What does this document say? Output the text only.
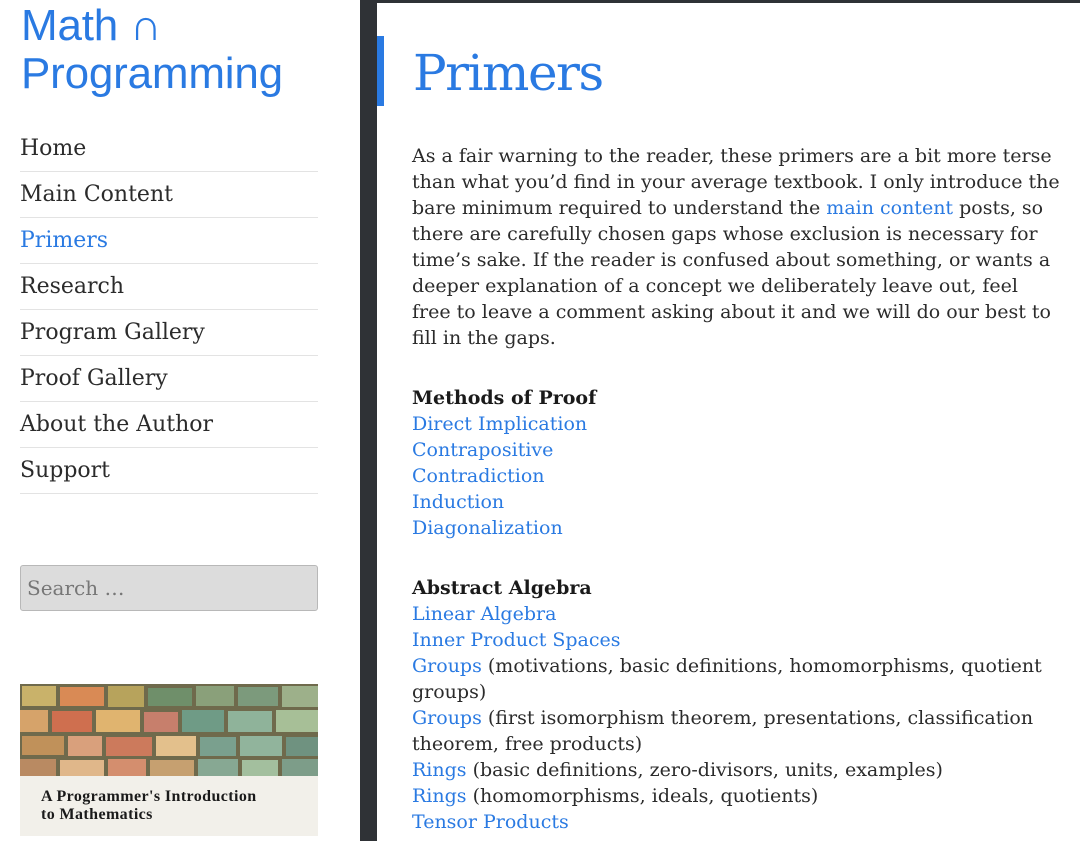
Math ∩
Programming
Home
Main Content
Primers
Research
Program Gallery
Proof Gallery
About the Author
Support
Search …
A Programmer's Introduction
to Mathematics
Primers

As a fair warning to the reader, these primers are a bit more terse than what you’d find in your average textbook. I only introduce the bare minimum required to understand the main content posts, so there are carefully chosen gaps whose exclusion is necessary for time’s sake. If the reader is confused about something, or wants a deeper explanation of a concept we deliberately leave out, feel free to leave a comment asking about it and we will do our best to fill in the gaps.

Methods of Proof
Direct Implication
Contrapositive
Contradiction
Induction
Diagonalization
Abstract Algebra
Linear Algebra
Inner Product Spaces
Groups (motivations, basic definitions, homomorphisms, quotient groups)
Groups (first isomorphism theorem, presentations, classification theorem, free products)
Rings (basic definitions, zero-divisors, units, examples)
Rings (homomorphisms, ideals, quotients)
Tensor Products
